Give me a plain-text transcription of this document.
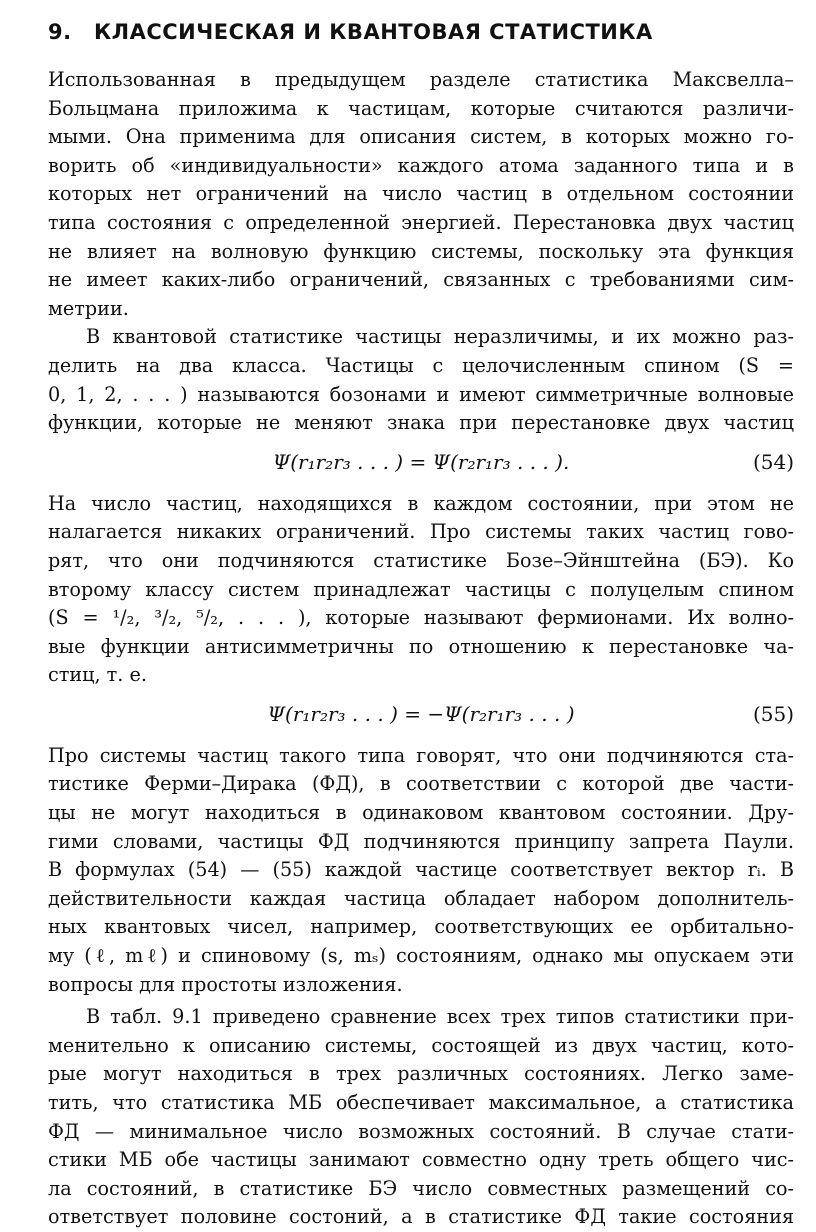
9. КЛАССИЧЕСКАЯ И КВАНТОВАЯ СТАТИСТИКА
Использованная в предыдущем разделе статистика Максвелла–
Больцмана приложима к частицам, которые считаются различи-
мыми. Она применима для описания систем, в которых можно го-
ворить об «индивидуальности» каждого атома заданного типа и в
которых нет ограничений на число частиц в отдельном состоянии
типа состояния с определенной энергией. Перестановка двух частиц
не влияет на волновую функцию системы, поскольку эта функция
не имеет каких-либо ограничений, связанных с требованиями сим-
метрии.
В квантовой статистике частицы неразличимы, и их можно раз-
делить на два класса. Частицы с целочисленным спином (S =
0, 1, 2, . . . ) называются бозонами и имеют симметричные волновые
функции, которые не меняют знака при перестановке двух частиц
Ψ(r₁r₂r₃ . . . ) = Ψ(r₂r₁r₃ . . . ).	(54)
На число частиц, находящихся в каждом состоянии, при этом не
налагается никаких ограничений. Про системы таких частиц гово-
рят, что они подчиняются статистике Бозе–Эйнштейна (БЭ). Ко
второму классу систем принадлежат частицы с полуцелым спином
(S = ¹/₂, ³/₂, ⁵/₂, . . . ), которые называют фермионами. Их волно-
вые функции антисимметричны по отношению к перестановке ча-
стиц, т. е.
Ψ(r₁r₂r₃ . . . ) = −Ψ(r₂r₁r₃ . . . )	(55)
Про системы частиц такого типа говорят, что они подчиняются ста-
тистике Ферми–Дирака (ФД), в соответствии с которой две части-
цы не могут находиться в одинаковом квантовом состоянии. Дру-
гими словами, частицы ФД подчиняются принципу запрета Паули.
В формулах (54) — (55) каждой частице соответствует вектор rᵢ. В
действительности каждая частица обладает набором дополнитель-
ных квантовых чисел, например, соответствующих ее орбитально-
му (ℓ, mℓ) и спиновому (s, mₛ) состояниям, однако мы опускаем эти
вопросы для простоты изложения.
В табл. 9.1 приведено сравнение всех трех типов статистики при-
менительно к описанию системы, состоящей из двух частиц, кото-
рые могут находиться в трех различных состояниях. Легко заме-
тить, что статистика МБ обеспечивает максимальное, а статистика
ФД — минимальное число возможных состояний. В случае стати-
стики МБ обе частицы занимают совместно одну треть общего чис-
ла состояний, в статистике БЭ число совместных размещений со-
ответствует половине состоний, а в статистике ФД такие состояния
